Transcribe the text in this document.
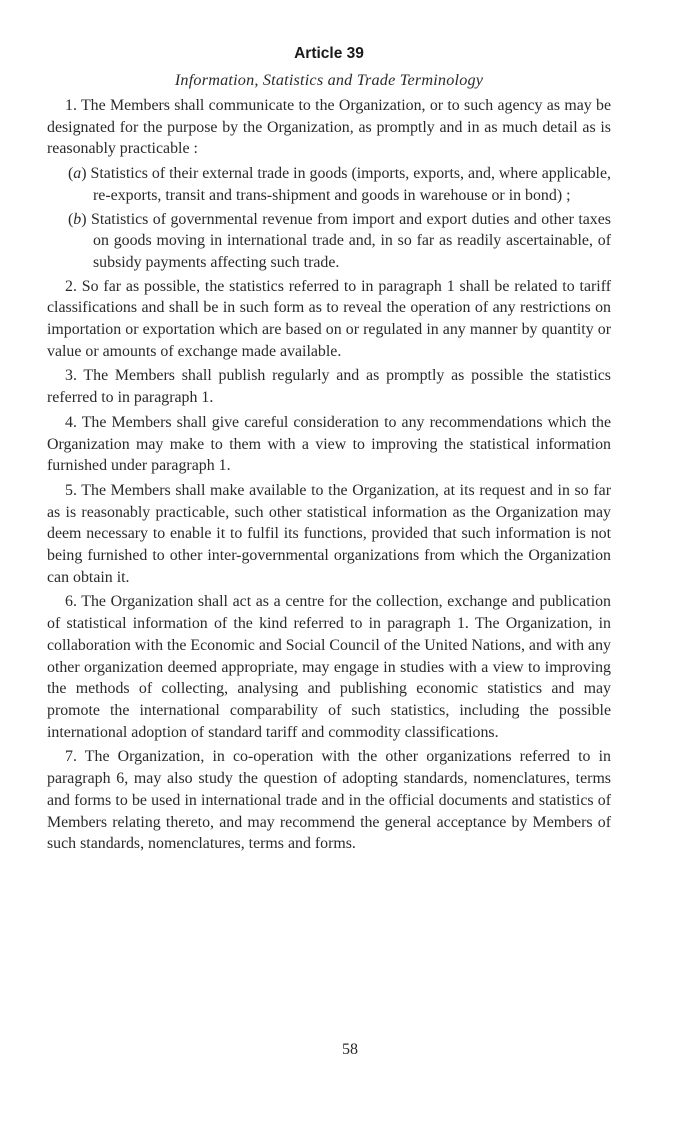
Article 39
Information, Statistics and Trade Terminology

1. The Members shall communicate to the Organization, or to such agency as may be designated for the purpose by the Organization, as promptly and in as much detail as is reasonably practicable :

(a) Statistics of their external trade in goods (imports, exports, and, where applicable, re-exports, transit and trans-shipment and goods in warehouse or in bond) ;

(b) Statistics of governmental revenue from import and export duties and other taxes on goods moving in international trade and, in so far as readily ascertainable, of subsidy payments affecting such trade.

2. So far as possible, the statistics referred to in paragraph 1 shall be related to tariff classifications and shall be in such form as to reveal the operation of any restrictions on importation or exportation which are based on or regulated in any manner by quantity or value or amounts of exchange made available.

3. The Members shall publish regularly and as promptly as possible the statistics referred to in paragraph 1.

4. The Members shall give careful consideration to any recommendations which the Organization may make to them with a view to improving the statistical information furnished under paragraph 1.

5. The Members shall make available to the Organization, at its request and in so far as is reasonably practicable, such other statistical information as the Organization may deem necessary to enable it to fulfil its functions, provided that such information is not being furnished to other inter-governmental organizations from which the Organization can obtain it.

6. The Organization shall act as a centre for the collection, exchange and publication of statistical information of the kind referred to in paragraph 1. The Organization, in collaboration with the Economic and Social Council of the United Nations, and with any other organization deemed appropriate, may engage in studies with a view to improving the methods of collecting, analysing and publishing economic statistics and may promote the international comparability of such statistics, including the possible international adoption of standard tariff and commodity classifications.

7. The Organization, in co-operation with the other organizations referred to in paragraph 6, may also study the question of adopting standards, nomenclatures, terms and forms to be used in international trade and in the official documents and statistics of Members relating thereto, and may recommend the general acceptance by Members of such standards, nomenclatures, terms and forms.

58
